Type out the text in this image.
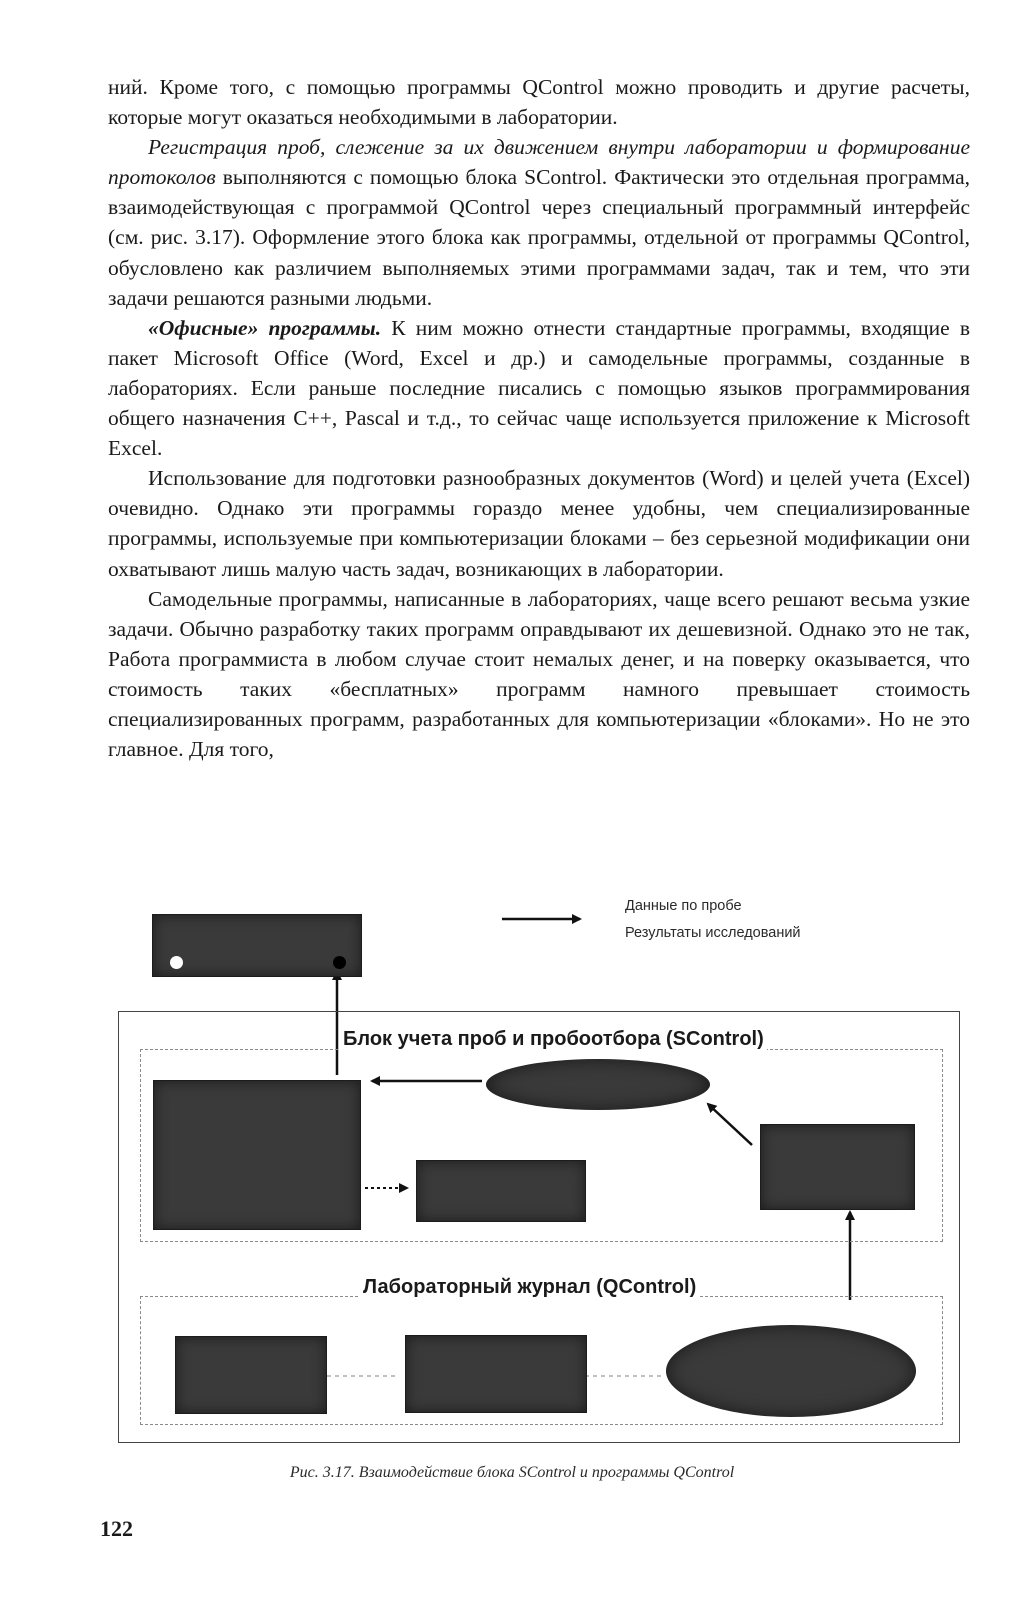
ний. Кроме того, с помощью программы QControl можно проводить и другие расчеты, которые могут оказаться необходимыми в лаборатории.

Регистрация проб, слежение за их движением внутри лаборатории и формирование протоколов выполняются с помощью блока SControl. Фактически это отдельная программа, взаимодействующая с программой QControl через специальный программный интерфейс (см. рис. 3.17). Оформление этого блока как программы, отдельной от программы QControl, обусловлено как различием выполняемых этими программами задач, так и тем, что эти задачи решаются разными людьми.

«Офисные» программы. К ним можно отнести стандартные программы, входящие в пакет Microsoft Office (Word, Excel и др.) и самодельные программы, созданные в лабораториях. Если раньше последние писались с помощью языков программирования общего назначения С++, Pascal и т.д., то сейчас чаще используется приложение к Microsoft Excel.

Использование для подготовки разнообразных документов (Word) и целей учета (Excel) очевидно. Однако эти программы гораздо менее удобны, чем специализированные программы, используемые при компьютеризации блоками – без серьезной модификации они охватывают лишь малую часть задач, возникающих в лаборатории.

Самодельные программы, написанные в лабораториях, чаще всего решают весьма узкие задачи. Обычно разработку таких программ оправдывают их дешевизной. Однако это не так, Работа программиста в любом случае стоит немалых денег, и на поверку оказывается, что стоимость таких «бесплатных» программ намного превышает стоимость специализированных программ, разработанных для компьютеризации «блоками». Но не это главное. Для того,

Данные по пробе
Результаты исследований
Блок учета проб и пробоотбора (SControl)
Лабораторный журнал (QControl)
Рис. 3.17. Взаимодействие блока SControl и программы QControl
122
